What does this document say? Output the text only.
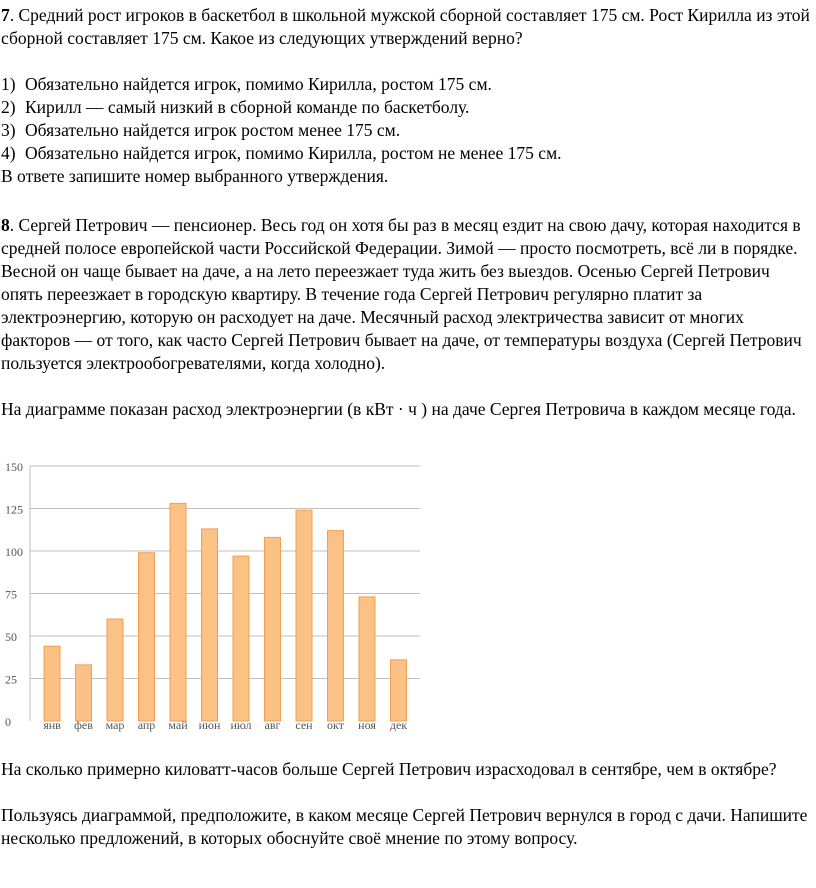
7. Средний рост игроков в баскетбол в школьной мужской сборной составляет 175 см. Рост Кирилла из этой сборной составляет 175 см. Какое из следующих утверждений верно?

1) Обязательно найдется игрок, помимо Кирилла, ростом 175 см.
2) Кирилл — самый низкий в сборной команде по баскетболу.
3) Обязательно найдется игрок ростом менее 175 см.
4) Обязательно найдется игрок, помимо Кирилла, ростом не менее 175 см.

В ответе запишите номер выбранного утверждения.

8. Сергей Петрович — пенсионер. Весь год он хотя бы раз в месяц ездит на свою дачу, которая находится в средней полосе европейской части Российской Федерации. Зимой — просто посмотреть, всё ли в порядке. Весной он чаще бывает на даче, а на лето переезжает туда жить без выездов. Осенью Сергей Петрович опять переезжает в городскую квартиру. В течение года Сергей Петрович регулярно платит за электроэнергию, которую он расходует на даче. Месячный расход электричества зависит от многих факторов — от того, как часто Сергей Петрович бывает на даче, от температуры воздуха (Сергей Петрович пользуется электрообогревателями, когда холодно).

На диаграмме показан расход электроэнергии (в кВт · ч ) на даче Сергея Петровича в каждом месяце года.

0
25
50
75
100
125
150
янв фев мар апр май июн июл авг сен окт ноя дек

На сколько примерно киловатт-часов больше Сергей Петрович израсходовал в сентябре, чем в октябре?

Пользуясь диаграммой, предположите, в каком месяце Сергей Петрович вернулся в город с дачи. Напишите несколько предложений, в которых обоснуйте своё мнение по этому вопросу.
